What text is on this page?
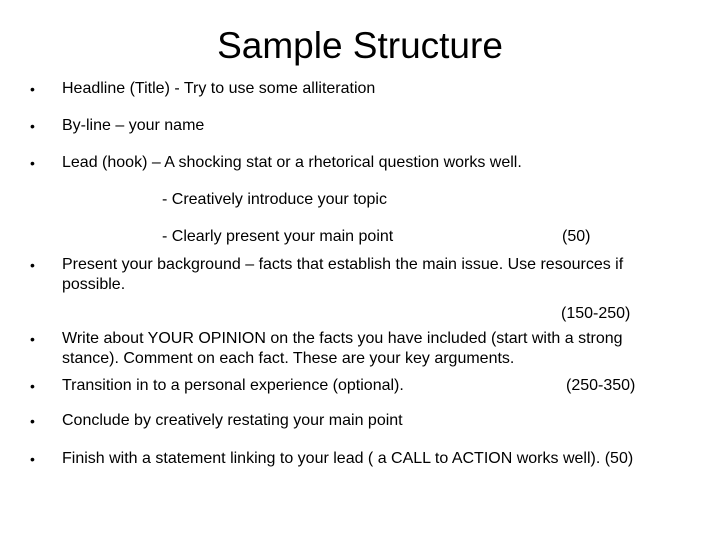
Sample Structure
• Headline (Title) - Try to use some alliteration
• By-line – your name
• Lead (hook) – A shocking stat or a rhetorical question works well.
- Creatively introduce your topic
- Clearly present your main point	(50)
• Present your background – facts that establish the main issue. Use resources if possible.
(150-250)
• Write about YOUR OPINION on the facts you have included (start with a strong stance). Comment on each fact. These are your key arguments.
• Transition in to a personal experience (optional).	(250-350)
• Conclude by creatively restating your main point
• Finish with a statement linking to your lead ( a CALL to ACTION works well). (50)
